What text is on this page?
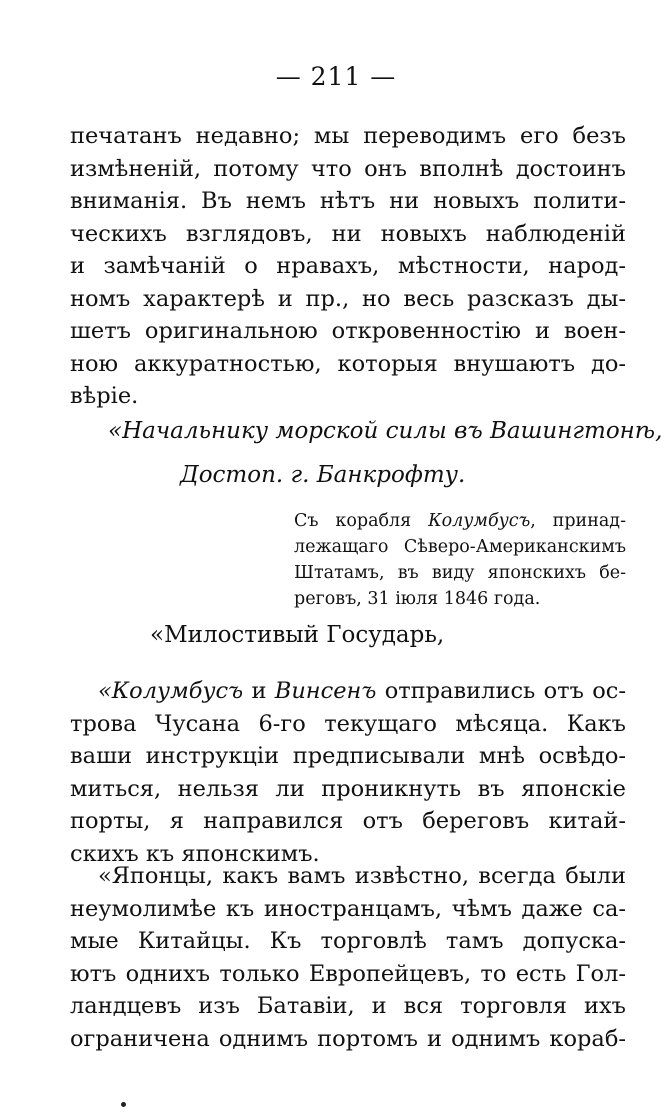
— 211 —
печатанъ недавно; мы переводимъ его безъ
измѣненій, потому что онъ вполнѣ достоинъ
вниманія. Въ немъ нѣтъ ни новыхъ полити-
ческихъ взглядовъ, ни новыхъ наблюденій
и замѣчаній о нравахъ, мѣстности, народ-
номъ характерѣ и пр., но весь разсказъ ды-
шетъ оригинальною откровенностію и воен-
ною аккуратностью, которыя внушаютъ до-
вѣріе.
«Начальнику морской силы въ Вашингтонѣ,
Достоп. г. Банкрофту.
Съ корабля Колумбусъ, принад-
лежащаго Сѣверо-Американскимъ
Штатамъ, въ виду японскихъ бе-
реговъ, 31 іюля 1846 года.
«Милостивый Государь,
«Колумбусъ и Винсенъ отправились отъ ос-
трова Чусана 6-го текущаго мѣсяца. Какъ
ваши инструкціи предписывали мнѣ освѣдо-
миться, нельзя ли проникнуть въ японскіе
порты, я направился отъ береговъ китай-
скихъ къ японскимъ.
«Японцы, какъ вамъ извѣстно, всегда были
неумолимѣе къ иностранцамъ, чѣмъ даже са-
мые Китайцы. Къ торговлѣ тамъ допуска-
ютъ однихъ только Европейцевъ, то есть Гол-
ландцевъ изъ Батавіи, и вся торговля ихъ
ограничена однимъ портомъ и однимъ кораб-
